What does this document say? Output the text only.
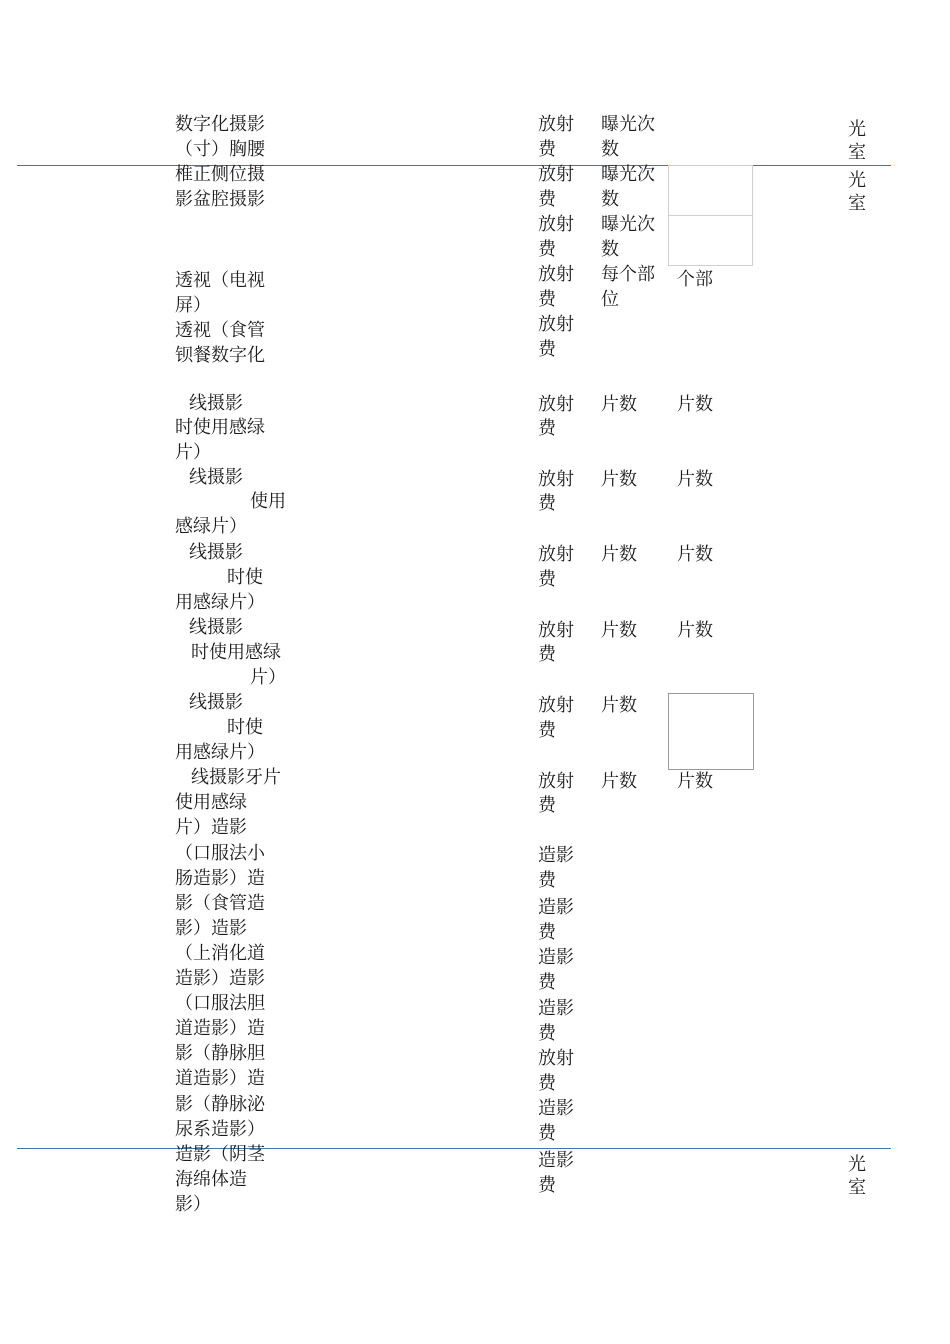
数字化摄影

（寸）胸腰

椎正侧位摄

影盆腔摄影

透视（电视

屏）

透视（食管

钡餐数字化

线摄影

时使用感绿

片）

线摄影

使用

感绿片）

线摄影

时使

用感绿片）

线摄影

时使用感绿

片）

线摄影

时使

用感绿片）

线摄影牙片

使用感绿

片）造影

（口服法小

肠造影）造

影（食管造

影）造影

（上消化道

造影）造影

（口服法胆

道造影）造

影（静脉胆

道造影）造

影（静脉泌

尿系造影）

造影（阴茎

海绵体造

影）

放射

费

放射

费

放射

费

放射

费

放射

费

放射

费

放射

费

放射

费

放射

费

放射

费

放射

费

造影

费

造影

费

造影

费

造影

费

放射

费

造影

费

造影

费

曝光次

数

曝光次

数

曝光次

数

每个部

位

片数

片数

片数

片数

片数

片数

个部

片数

片数

片数

片数

片数

光

室

光

室

光

室
